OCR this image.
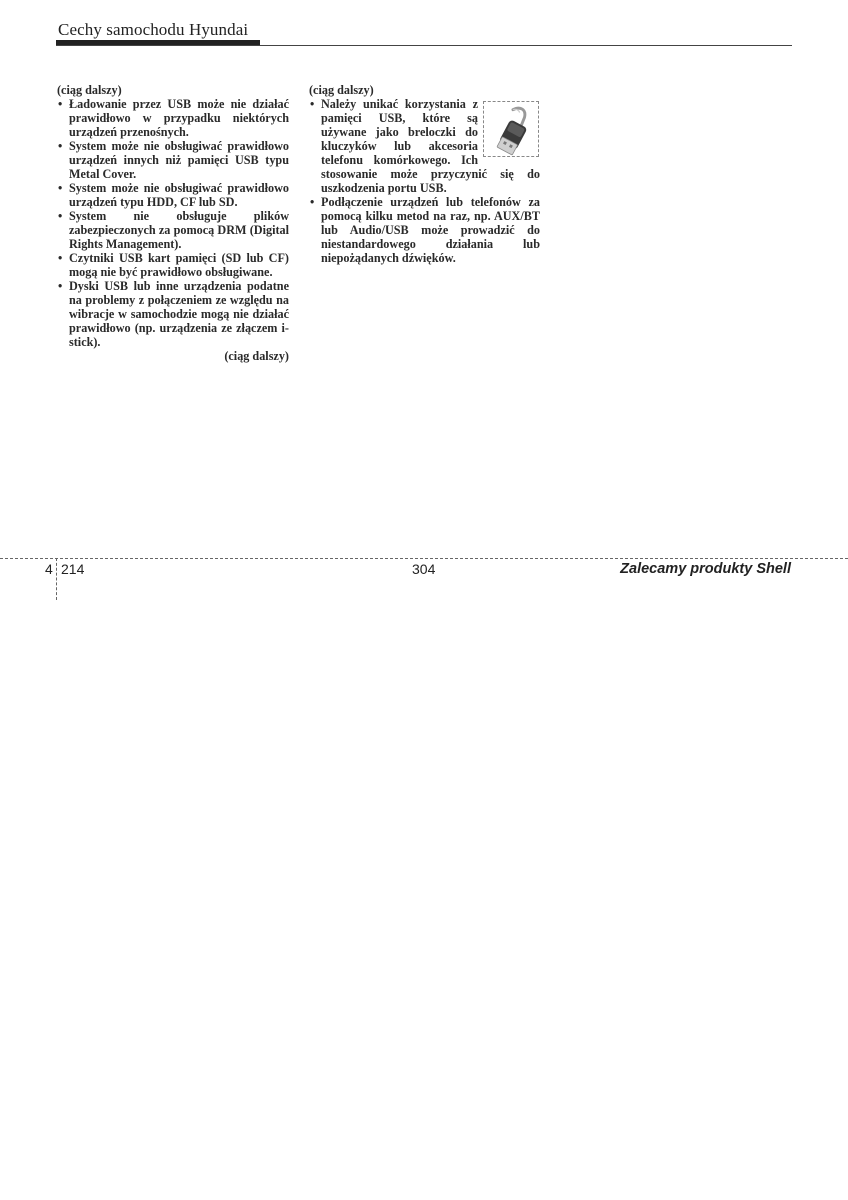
Cechy samochodu Hyundai
(ciąg dalszy)
• Ładowanie przez USB może nie działać prawidłowo w przypadku niektórych urządzeń przenośnych.
• System może nie obsługiwać prawidłowo urządzeń innych niż pamięci USB typu Metal Cover.
• System może nie obsługiwać prawidłowo urządzeń typu HDD, CF lub SD.
• System nie obsługuje plików zabezpieczonych za pomocą DRM (Digital Rights Management).
• Czytniki USB kart pamięci (SD lub CF) mogą nie być prawidłowo obsługiwane.
• Dyski USB lub inne urządzenia podatne na problemy z połączeniem ze względu na wibracje w samochodzie mogą nie działać prawidłowo (np. urządzenia ze złączem i-stick).
(ciąg dalszy)
(ciąg dalszy)
• Należy unikać korzystania z pamięci USB, które są używane jako breloczki do kluczyków lub akcesoria telefonu komórkowego. Ich stosowanie może przyczynić się do uszkodzenia portu USB.
• Podłączenie urządzeń lub telefonów za pomocą kilku metod na raz, np. AUX/BT lub Audio/USB może prowadzić do niestandardowego działania lub niepożądanych dźwięków.
4 214	304	Zalecamy produkty Shell
